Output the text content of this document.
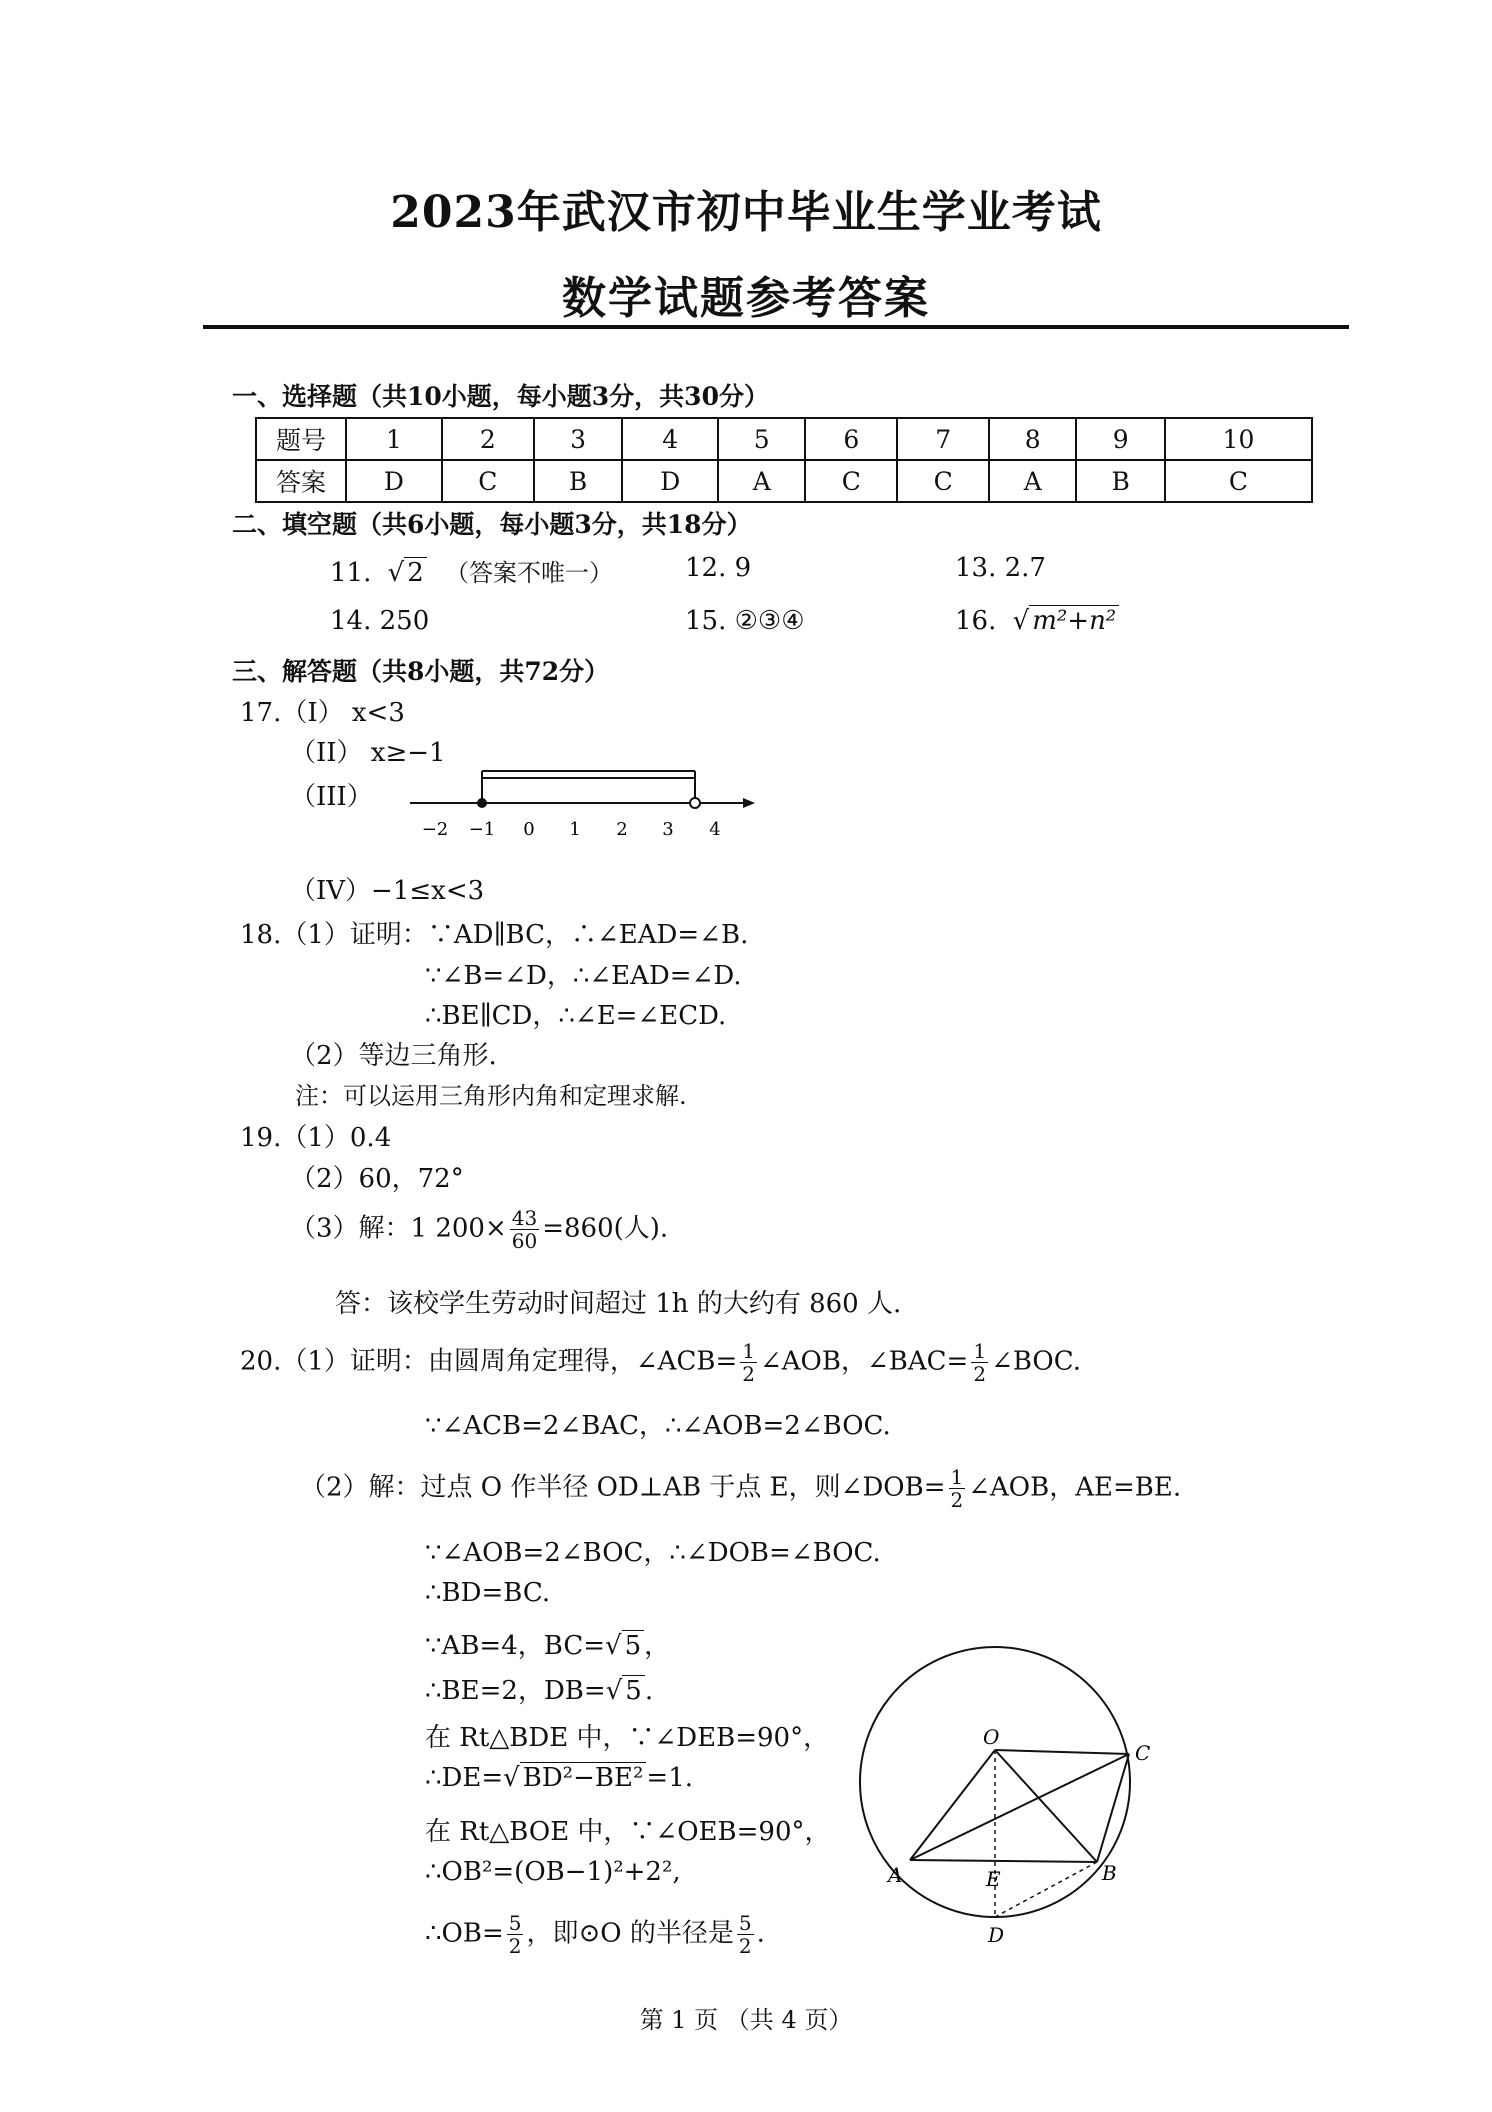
2023年武汉市初中毕业生学业考试
数学试题参考答案
一、选择题（共10小题，每小题3分，共30分）
题号	1	2	3	4	5	6	7	8	9	10
答案	D	C	B	D	A	C	C	A	B	C
二、填空题（共6小题，每小题3分，共18分）
11. √ 2 （答案不唯一）	12. 9	13. 2.7
14. 250	15. ②③④	16. √ m²+n²
三、解答题（共8小题，共72分）
17.（I） x<3
（II） x≥−1
（III）
−2 −1 0 1 2 3 4
（IV）−1≤x<3
18.（1）证明：∵AD∥BC，∴∠EAD=∠B.
∵∠B=∠D，∴∠EAD=∠D.
∴BE∥CD，∴∠E=∠ECD.
（2）等边三角形.
注：可以运用三角形内角和定理求解.
19.（1）0.4
（2）60，72°
（3）解：1 $200\times \frac{43}{60} =860$(人).
答：该校学生劳动时间超过 1h 的大约有 860 人.
20.（1）证明：由圆周角定理得，∠ACB= $\frac{1}{2}$ ∠AOB，∠BAC= $\frac{1}{2}$ ∠BOC.
∵∠ACB=2∠BAC，∴∠AOB=2∠BOC.
（2）解：过点 O 作半径 OD⊥AB 于点 E，则∠DOB= $\frac{1}{2}$ ∠AOB，AE=BE.
∵∠AOB=2∠BOC，∴∠DOB=∠BOC.
∴BD=BC.
∵AB=4，BC=√ 5 ，
∴BE=2，DB=√ 5 .
在 Rt△BDE 中，∵∠DEB=90°，
∴DE=√ BD²−BE² =1.
在 Rt△BOE 中，∵∠OEB=90°，
∴OB²=(OB−1)²+2²,
∴OB= $\frac{5}{2}$ ，即⊙O 的半径是 $\frac{5}{2}$ .
O
C
A	E	B
D
第 1 页 （共 4 页）
